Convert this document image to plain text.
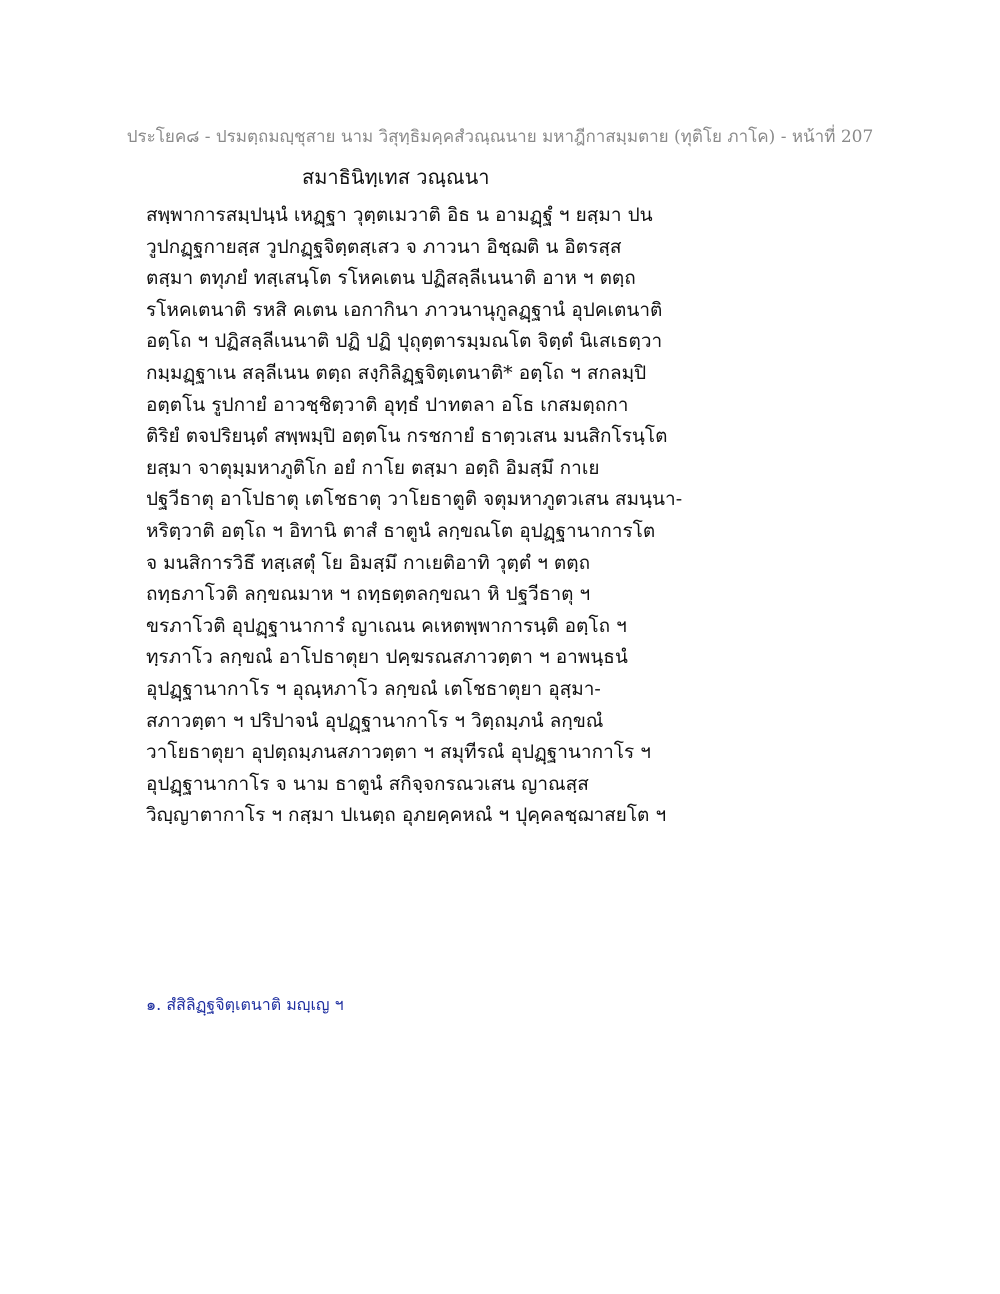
ประโยค๘ - ปรมตฺถมญฺชุสาย นาม วิสุทฺธิมคฺคสํวณฺณนาย มหาฎีกาสมฺมตาย (ทุติโย ภาโค) - หน้าที่ 207
สมาธินิทฺเทส วณฺณนา
สพฺพาการสมฺปนฺนํ เหฏฺฐา วุตฺตเมวาติ อิธ น อามฏฺฐํ ฯ ยสฺมา ปน
วูปกฏฺฐกายสฺส วูปกฏฺฐจิตฺตสฺเสว จ ภาวนา อิชฺฌติ น อิตรสฺส
ตสฺมา ตทุภยํ ทสฺเสนฺโต รโหคเตน ปฏิสลฺลีเนนาติ อาห ฯ ตตฺถ
รโหคเตนาติ รหสิ คเตน เอกากินา ภาวนานุกูลฏฺฐานํ อุปคเตนาติ
อตฺโถ ฯ ปฏิสลฺลีเนนาติ ปฏิ ปฏิ ปุถุตฺตารมฺมณโต จิตฺตํ นิเสเธตฺวา
กมฺมฏฺฐาเน สลฺลีเนน ตตฺถ สงฺกิลิฏฺฐจิตฺเตนาติ* อตฺโถ ฯ สกลมฺปิ
อตฺตโน รูปกายํ อาวชฺชิตฺวาติ อุทฺธํ ปาทตลา อโธ เกสมตฺถกา
ติริยํ ตจปริยนฺตํ สพฺพมฺปิ อตฺตโน กรชกายํ ธาตฺวเสน มนสิกโรนฺโต
ยสฺมา จาตุมฺมหาภูติโก อยํ กาโย ตสฺมา อตฺถิ อิมสฺมึ กาเย
ปฐวีธาตุ อาโปธาตุ เตโชธาตุ วาโยธาตูติ จตุมหาภูตวเสน สมนฺนา-
หริตฺวาติ อตฺโถ ฯ อิทานิ ตาสํ ธาตูนํ ลกฺขณโต อุปฏฺฐานาการโต
จ มนสิการวิธึ ทสฺเสตุํ โย อิมสฺมึ กาเยติอาทิ วุตฺตํ ฯ ตตฺถ
ถทฺธภาโวติ ลกฺขณมาห ฯ ถทฺธตฺตลกฺขณา หิ ปฐวีธาตุ ฯ
ขรภาโวติ อุปฏฺฐานาการํ ญาเณน คเหตพฺพาการนฺติ อตฺโถ ฯ
ทฺรภาโว ลกฺขณํ อาโปธาตุยา ปคฺฆรณสภาวตฺตา ฯ อาพนฺธนํ
อุปฏฺฐานากาโร ฯ อุณฺหภาโว ลกฺขณํ เตโชธาตุยา อุสฺมา-
สภาวตฺตา ฯ ปริปาจนํ อุปฏฺฐานากาโร ฯ วิตฺถมฺภนํ ลกฺขณํ
วาโยธาตุยา อุปตฺถมฺภนสภาวตฺตา ฯ สมุทีรณํ อุปฏฺฐานากาโร ฯ
อุปฏฺฐานากาโร จ นาม ธาตูนํ สกิจฺจกรณวเสน ญาณสฺส
วิญฺญาตากาโร ฯ กสฺมา ปเนตฺถ อุภยคฺคหณํ ฯ ปุคฺคลชฺฌาสยโต ฯ
๑. สํสิลิฏฺฐจิตฺเตนาติ มญฺเญ ฯ
